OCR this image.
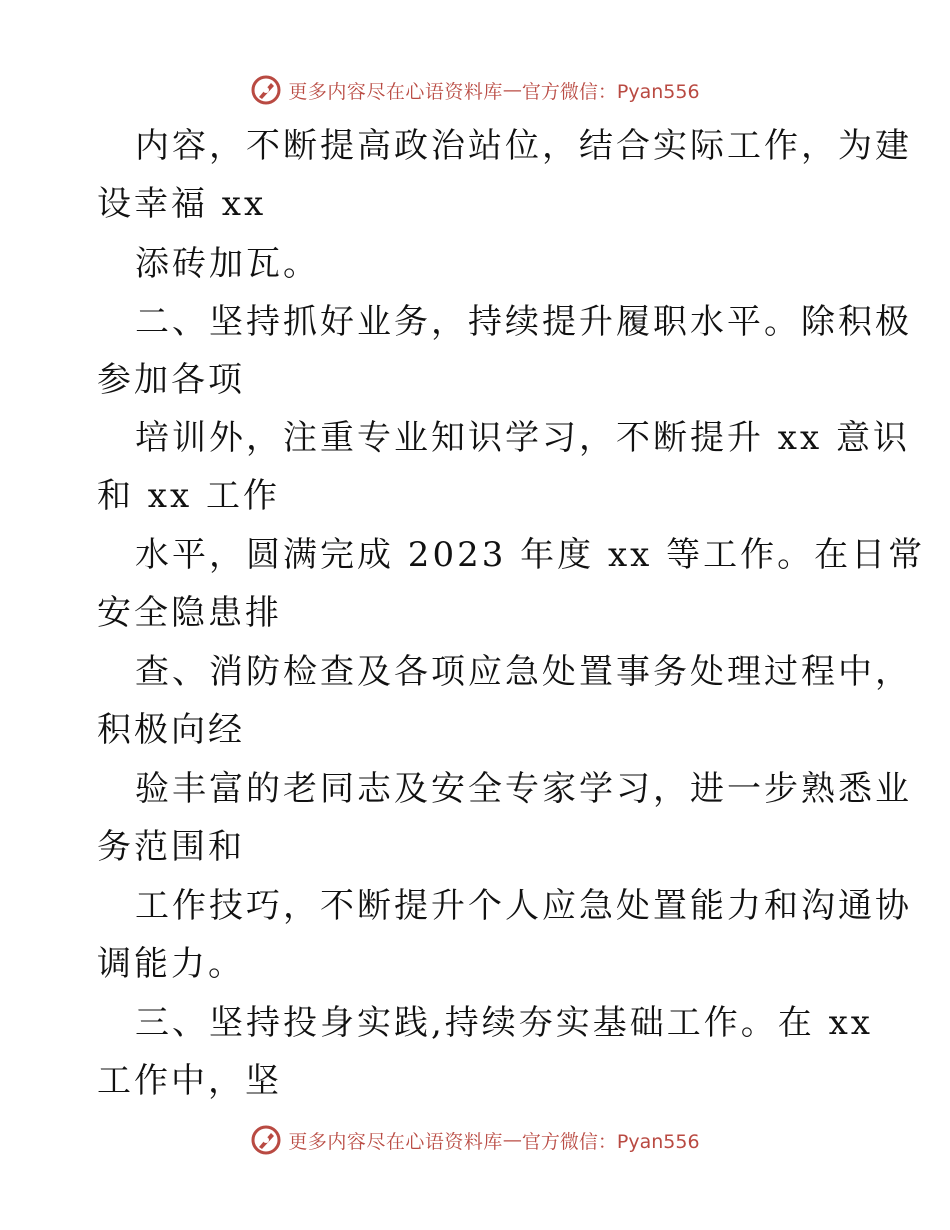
更多内容尽在心语资料库 — 官方微信：Pyan556
内容，不断提高政治站位，结合实际工作，为建
设幸福 xx
添砖加瓦。
二、坚持抓好业务，持续提升履职水平。除积极
参加各项
培训外，注重专业知识学习，不断提升 xx 意识
和 xx 工作
水平，圆满完成 2023 年度 xx 等工作。在日常
安全隐患排
查、消防检查及各项应急处置事务处理过程中，
积极向经
验丰富的老同志及安全专家学习，进一步熟悉业
务范围和
工作技巧，不断提升个人应急处置能力和沟通协
调能力。
三、坚持投身实践,持续夯实基础工作。在 xx
工作中，坚
更多内容尽在心语资料库 — 官方微信：Pyan556
